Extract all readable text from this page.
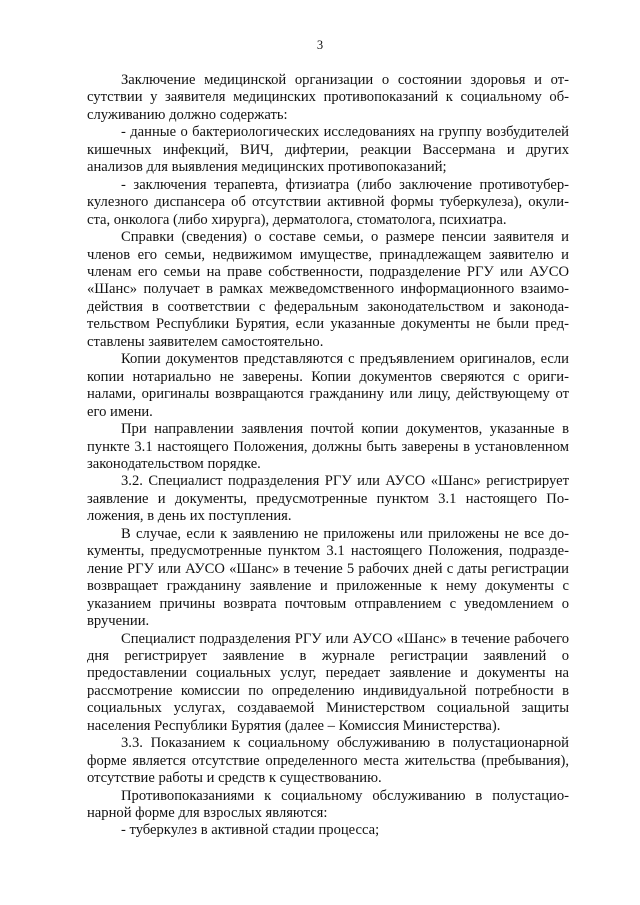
3

Заключение медицинской организации о состоянии здоровья и отсутствии у заявителя медицинских противопоказаний к социальному обслуживанию должно содержать:

- данные о бактериологических исследованиях на группу возбудителей кишечных инфекций, ВИЧ, дифтерии, реакции Вассермана и других анализов для выявления медицинских противопоказаний;

- заключения терапевта, фтизиатра (либо заключение противотуберкулезного диспансера об отсутствии активной формы туберкулеза), окулиста, онколога (либо хирурга), дерматолога, стоматолога, психиатра.

Справки (сведения) о составе семьи, о размере пенсии заявителя и членов его семьи, недвижимом имуществе, принадлежащем заявителю и членам его семьи на праве собственности, подразделение РГУ или АУСО «Шанс» получает в рамках межведомственного информационного взаимодействия в соответствии с федеральным законодательством и законодательством Республики Бурятия, если указанные документы не были представлены заявителем самостоятельно.

Копии документов представляются с предъявлением оригиналов, если копии нотариально не заверены. Копии документов сверяются с оригиналами, оригиналы возвращаются гражданину или лицу, действующему от его имени.

При направлении заявления почтой копии документов, указанные в пункте 3.1 настоящего Положения, должны быть заверены в установленном законодательством порядке.

3.2. Специалист подразделения РГУ или АУСО «Шанс» регистрирует заявление и документы, предусмотренные пунктом 3.1 настоящего Положения, в день их поступления.

В случае, если к заявлению не приложены или приложены не все документы, предусмотренные пунктом 3.1 настоящего Положения, подразделение РГУ или АУСО «Шанс» в течение 5 рабочих дней с даты регистрации возвращает гражданину заявление и приложенные к нему документы с указанием причины возврата почтовым отправлением с уведомлением о вручении.

Специалист подразделения РГУ или АУСО «Шанс» в течение рабочего дня регистрирует заявление в журнале регистрации заявлений о предоставлении социальных услуг, передает заявление и документы на рассмотрение комиссии по определению индивидуальной потребности в социальных услугах, создаваемой Министерством социальной защиты населения Республики Бурятия (далее – Комиссия Министерства).

3.3. Показанием к социальному обслуживанию в полустационарной форме является отсутствие определенного места жительства (пребывания), отсутствие работы и средств к существованию.

Противопоказаниями к социальному обслуживанию в полустационарной форме для взрослых являются:

- туберкулез в активной стадии процесса;
